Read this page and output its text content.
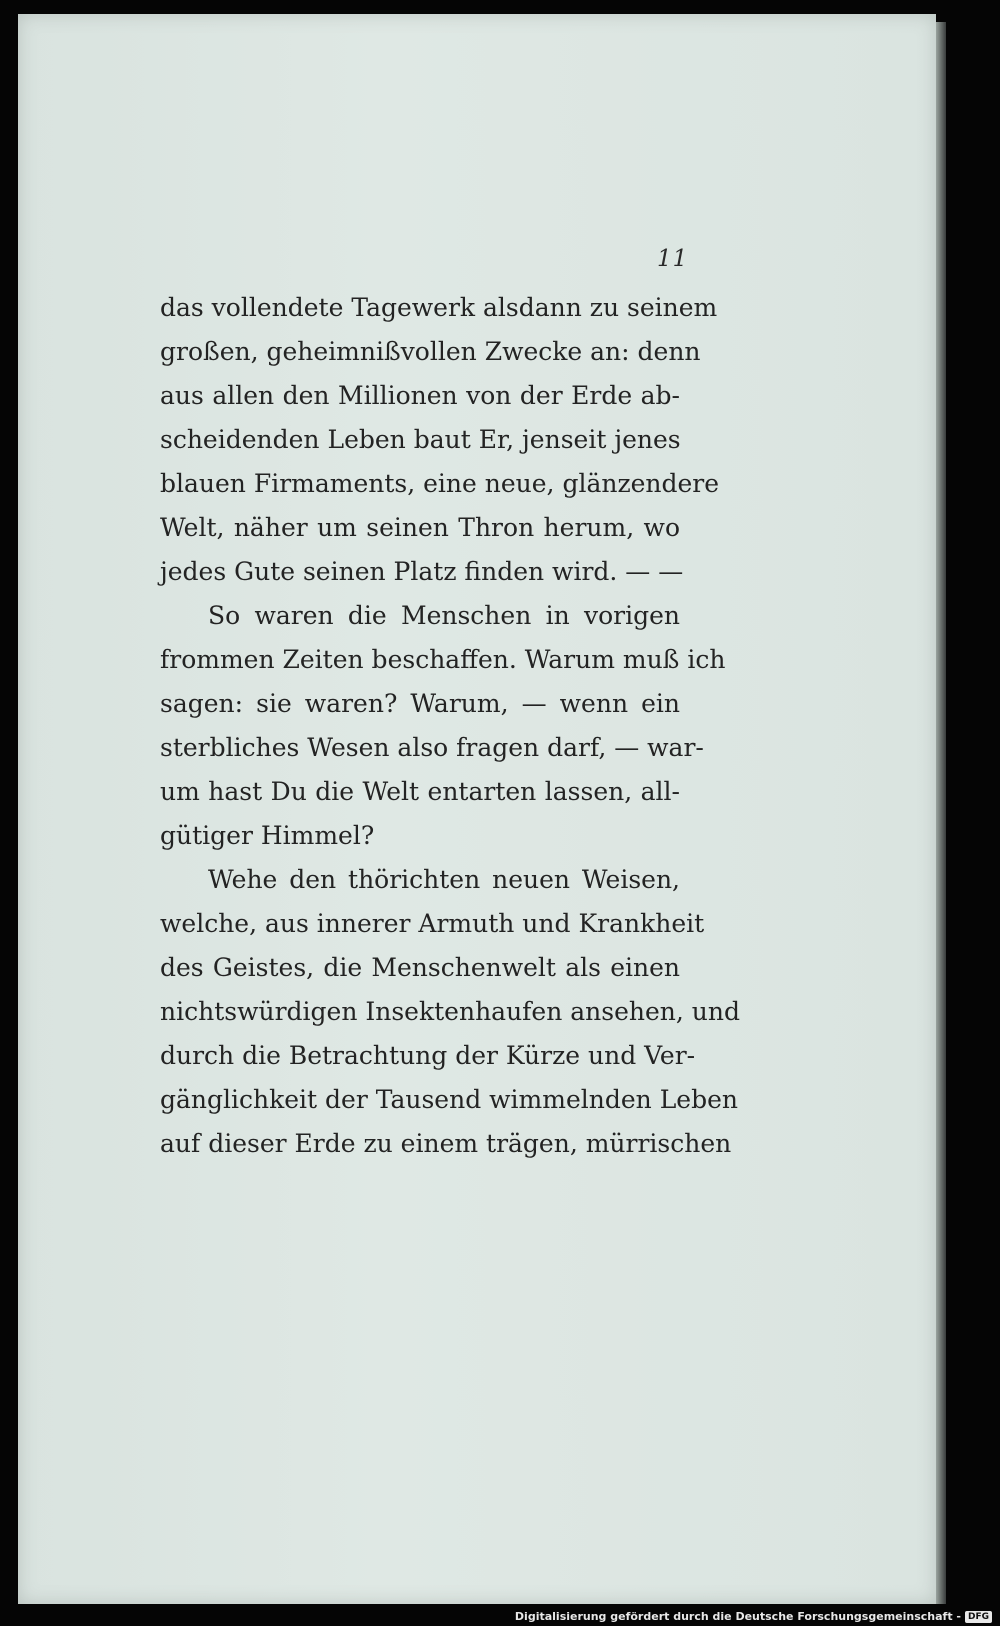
11
das vollendete Tagewerk alsdann zu seinem
großen, geheimnißvollen Zwecke an: denn
aus allen den Millionen von der Erde ab-
scheidenden Leben baut Er, jenseit jenes
blauen Firmaments, eine neue, glänzendere
Welt, näher um seinen Thron herum, wo
jedes Gute seinen Platz finden wird. — —
So waren die Menschen in vorigen
frommen Zeiten beschaffen. Warum muß ich
sagen: sie waren? Warum, — wenn ein
sterbliches Wesen also fragen darf, — war-
um hast Du die Welt entarten lassen, all-
gütiger Himmel?
Wehe den thörichten neuen Weisen,
welche, aus innerer Armuth und Krankheit
des Geistes, die Menschenwelt als einen
nichtswürdigen Insektenhaufen ansehen, und
durch die Betrachtung der Kürze und Ver-
gänglichkeit der Tausend wimmelnden Leben
auf dieser Erde zu einem trägen, mürrischen
Digitalisierung gefördert durch die Deutsche Forschungsgemeinschaft - DFG
